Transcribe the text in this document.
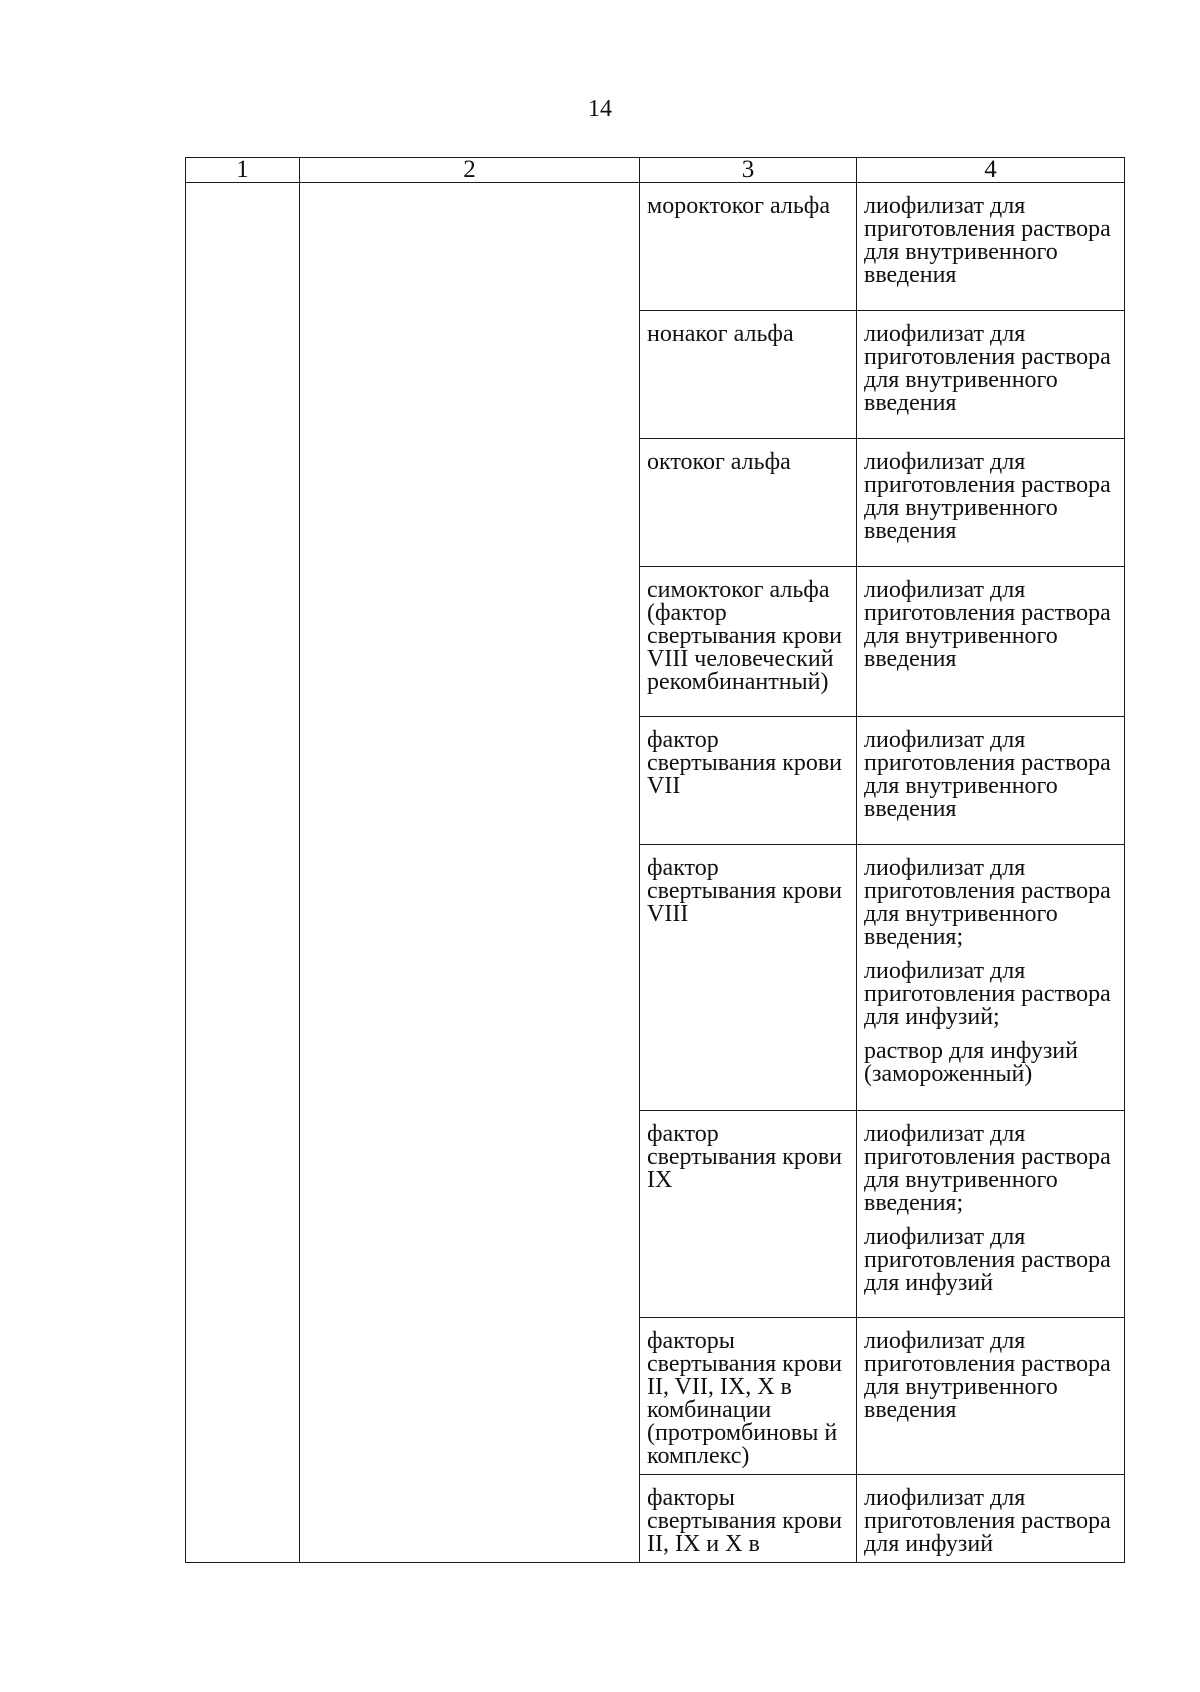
14
1	2	3	4
		мороктоког альфа	лиофилизат для приготовления раствора для внутривенного введения

		нонаког альфа	лиофилизат для приготовления раствора для внутривенного введения

		октоког альфа	лиофилизат для приготовления раствора для внутривенного введения

		симоктоког альфа (фактор свертывания крови VIII человеческий рекомбинантный)	лиофилизат для приготовления раствора для внутривенного введения

		фактор свертывания крови VII	лиофилизат для приготовления раствора для внутривенного введения

		фактор свертывания крови VIII	лиофилизат для приготовления раствора для внутривенного введения;
лиофилизат для приготовления раствора для инфузий;
раствор для инфузий (замороженный)

		фактор свертывания крови IX	лиофилизат для приготовления раствора для внутривенного введения;
лиофилизат для приготовления раствора для инфузий

		факторы свертывания крови II, VII, IX, X в комбинации (протромбиновы й комплекс)	лиофилизат для приготовления раствора для внутривенного введения

		факторы свертывания крови II, IX и X в	лиофилизат для приготовления раствора для инфузий
